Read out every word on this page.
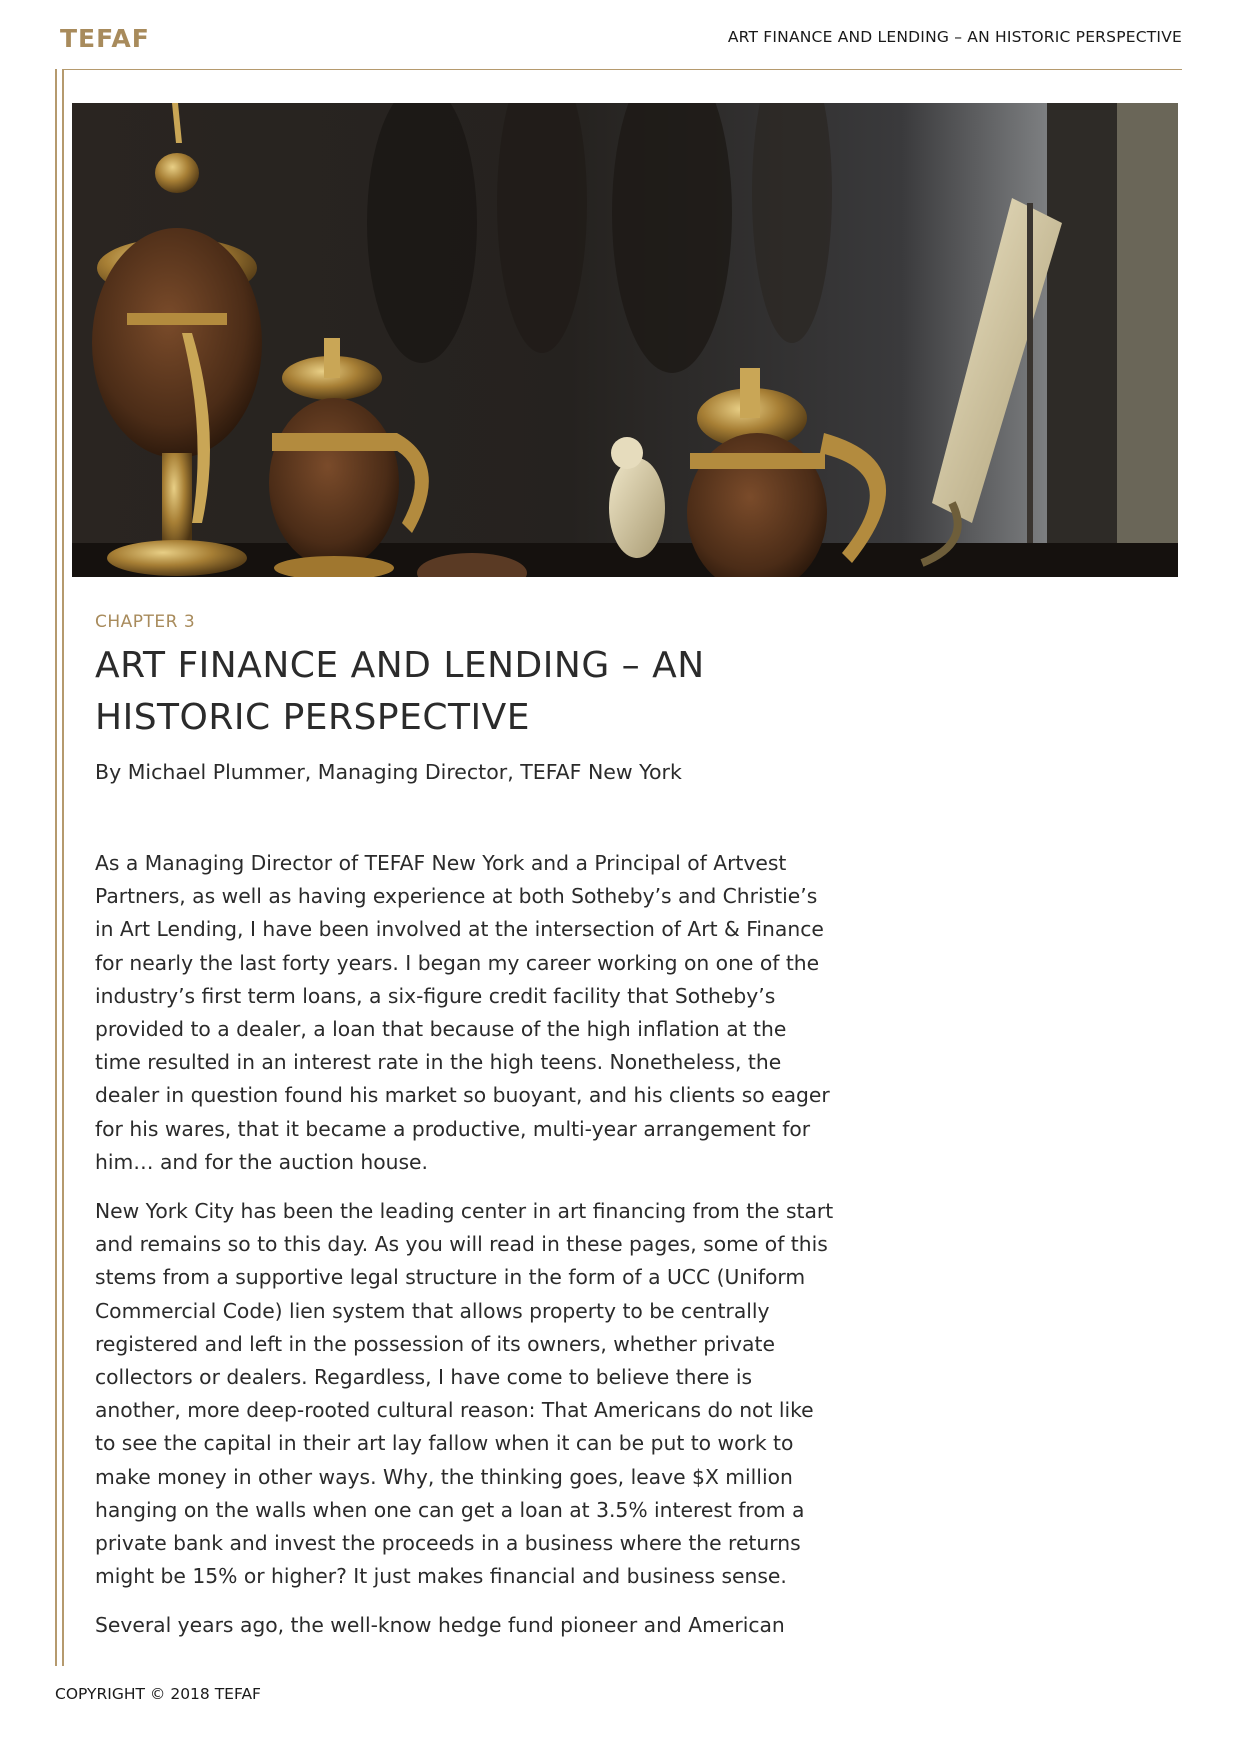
TEFAF	ART FINANCE AND LENDING – AN HISTORIC PERSPECTIVE
CHAPTER 3
ART FINANCE AND LENDING – AN
HISTORIC PERSPECTIVE
By Michael Plummer, Managing Director, TEFAF New York

As a Managing Director of TEFAF New York and a Principal of Artvest Partners, as well as having experience at both Sotheby’s and Christie’s in Art Lending, I have been involved at the intersection of Art & Finance for nearly the last forty years. I began my career working on one of the industry’s first term loans, a six-figure credit facility that Sotheby’s provided to a dealer, a loan that because of the high inflation at the time resulted in an interest rate in the high teens. Nonetheless, the dealer in question found his market so buoyant, and his clients so eager for his wares, that it became a productive, multi-year arrangement for him… and for the auction house.

New York City has been the leading center in art financing from the start and remains so to this day. As you will read in these pages, some of this stems from a supportive legal structure in the form of a UCC (Uniform Commercial Code) lien system that allows property to be centrally registered and left in the possession of its owners, whether private collectors or dealers. Regardless, I have come to believe there is another, more deep-rooted cultural reason: That Americans do not like to see the capital in their art lay fallow when it can be put to work to make money in other ways. Why, the thinking goes, leave $X million hanging on the walls when one can get a loan at 3.5% interest from a private bank and invest the proceeds in a business where the returns might be 15% or higher? It just makes financial and business sense.

Several years ago, the well-know hedge fund pioneer and American

COPYRIGHT © 2018 TEFAF
